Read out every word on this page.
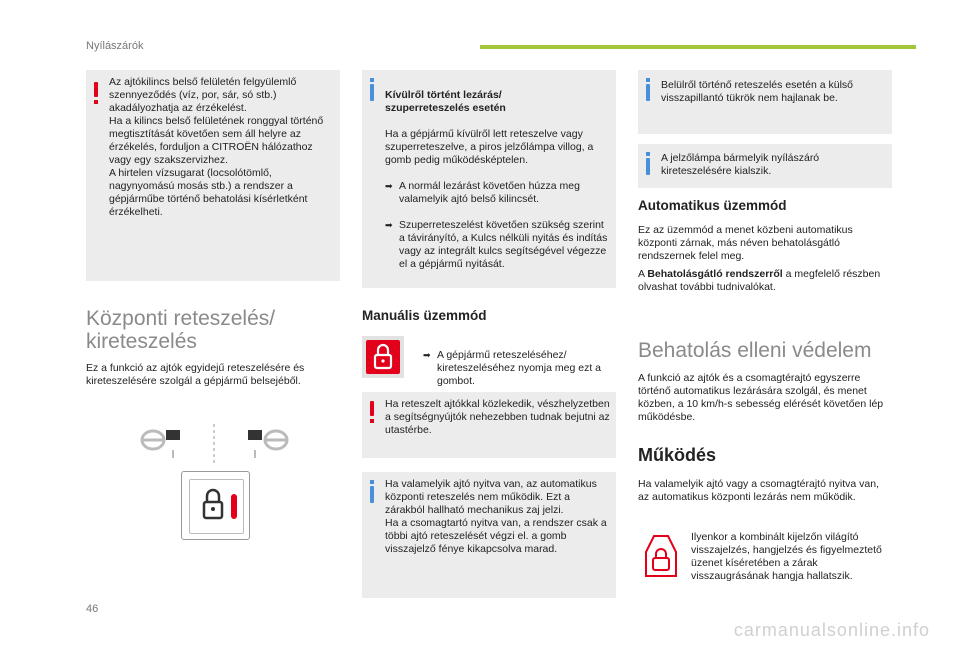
Nyílászárók

Az ajtókilincs belső felületén felgyülemlő szennyeződés (víz, por, sár, só stb.) akadályozhatja az érzékelést.
Ha a kilincs belső felületének ronggyal történő megtisztítását követően sem áll helyre az érzékelés, forduljon a CITROËN hálózathoz vagy egy szakszervizhez.
A hirtelen vízsugarat (locsolótömlő, nagynyomású mosás stb.) a rendszer a gépjárműbe történő behatolási kísérletként érzékelheti.

Központi reteszelés/
kireteszelés
Ez a funkció az ajtók egyidejű reteszelésére és kireteszelésére szolgál a gépjármű belsejéből.

Kívülről történt lezárás/
szuperreteszelés esetén

Ha a gépjármű kívülről lett reteszelve vagy szuperreteszelve, a piros jelzőlámpa villog, a gomb pedig működésképtelen.

➡ A normál lezárást követően húzza meg valamelyik ajtó belső kilincsét.

➡ Szuperreteszelést követően szükség szerint a távirányító, a Kulcs nélküli nyitás és indítás vagy az integrált kulcs segítségével végezze el a gépjármű nyitását.

Manuális üzemmód

➡ A gépjármű reteszeléséhez/ kireteszeléséhez nyomja meg ezt a gombot.

Ha reteszelt ajtókkal közlekedik, vészhelyzetben a segítségnyújtók nehezebben tudnak bejutni az utastérbe.

Ha valamelyik ajtó nyitva van, az automatikus központi reteszelés nem működik. Ezt a zárakból hallható mechanikus zaj jelzi.
Ha a csomagtartó nyitva van, a rendszer csak a többi ajtó reteszelését végzi el. a gomb visszajelző fénye kikapcsolva marad.

Belülről történő reteszelés esetén a külső visszapillantó tükrök nem hajlanak be.

A jelzőlámpa bármelyik nyílászáró kireteszelésére kialszik.

Automatikus üzemmód
Ez az üzemmód a menet közbeni automatikus központi zárnak, más néven behatolásgátló rendszernek felel meg.
A Behatolásgátló rendszerről a megfelelő részben olvashat további tudnivalókat.
Behatolás elleni védelem
A funkció az ajtók és a csomagtérajtó egyszerre történő automatikus lezárására szolgál, és menet közben, a 10 km/h-s sebesség elérését követően lép működésbe.
Működés
Ha valamelyik ajtó vagy a csomagtérajtó nyitva van, az automatikus központi lezárás nem működik.
Ilyenkor a kombinált kijelzőn világító visszajelzés, hangjelzés és figyelmeztető üzenet kíséretében a zárak visszaugrásának hangja hallatszik.
46
carmanualsonline.info
